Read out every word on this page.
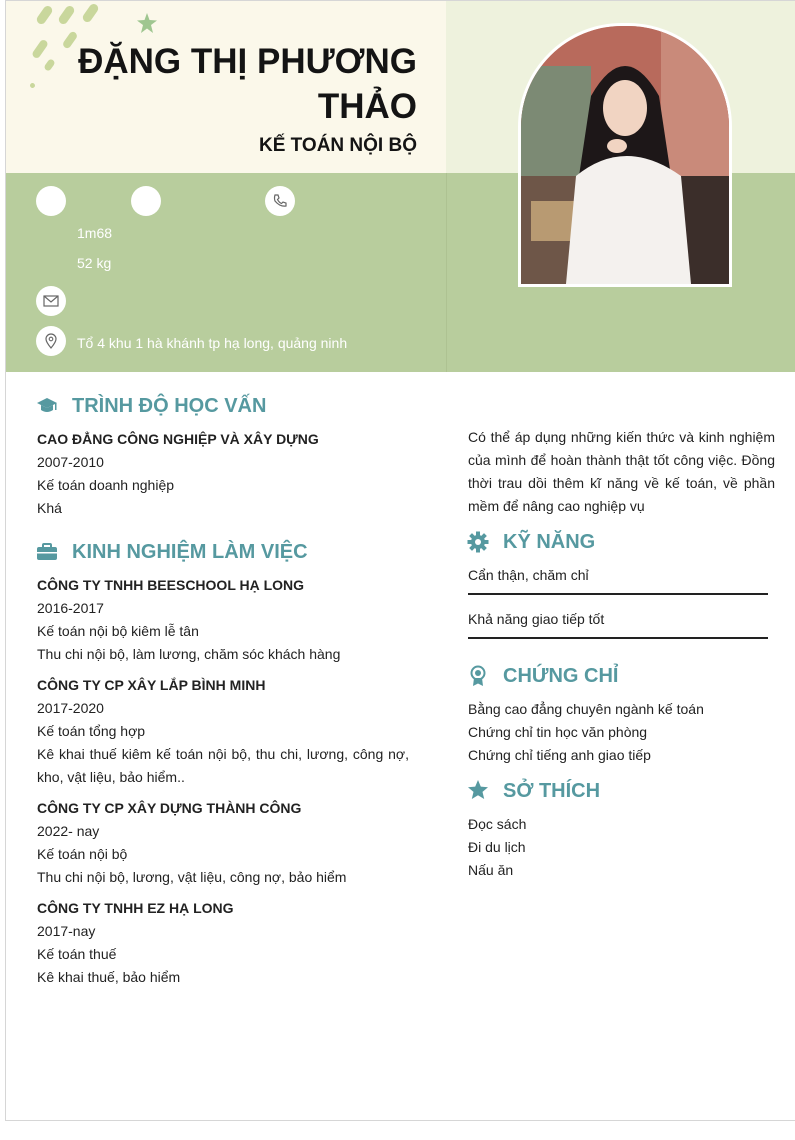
ĐẶNG THỊ PHƯƠNG THẢO
KẾ TOÁN NỘI BỘ
1m68
52 kg
Tổ 4 khu 1 hà khánh tp hạ long, quảng ninh
TRÌNH ĐỘ HỌC VẤN
CAO ĐẲNG CÔNG NGHIỆP VÀ XÂY DỰNG
2007-2010
Kế toán doanh nghiệp
Khá
KINH NGHIỆM LÀM VIỆC
CÔNG TY TNHH BEESCHOOL HẠ LONG
2016-2017
Kế toán nội bộ kiêm lễ tân
Thu chi nội bộ, làm lương, chăm sóc khách hàng
CÔNG TY CP XÂY LẮP BÌNH MINH
2017-2020
Kế toán tổng hợp
Kê khai thuế kiêm kế toán nội bộ, thu chi, lương, công nợ, kho, vật liệu, bảo hiểm..
CÔNG TY CP XÂY DỰNG THÀNH CÔNG
2022- nay
Kế toán nội bộ
Thu chi nội bộ, lương, vật liệu, công nợ, bảo hiểm
CÔNG TY TNHH EZ HẠ LONG
2017-nay
Kế toán thuế
Kê khai thuế, bảo hiểm
Có thể áp dụng những kiến thức và kinh nghiệm của mình để hoàn thành thật tốt công việc. Đồng thời trau dồi thêm kĩ năng về kế toán, về phần mềm để nâng cao nghiệp vụ
KỸ NĂNG
Cẩn thận, chăm chỉ
Khả năng giao tiếp tốt
CHỨNG CHỈ
Bằng cao đẳng chuyên ngành kế toán
Chứng chỉ tin học văn phòng
Chứng chỉ tiếng anh giao tiếp
SỞ THÍCH
Đọc sách
Đi du lịch
Nấu ăn
